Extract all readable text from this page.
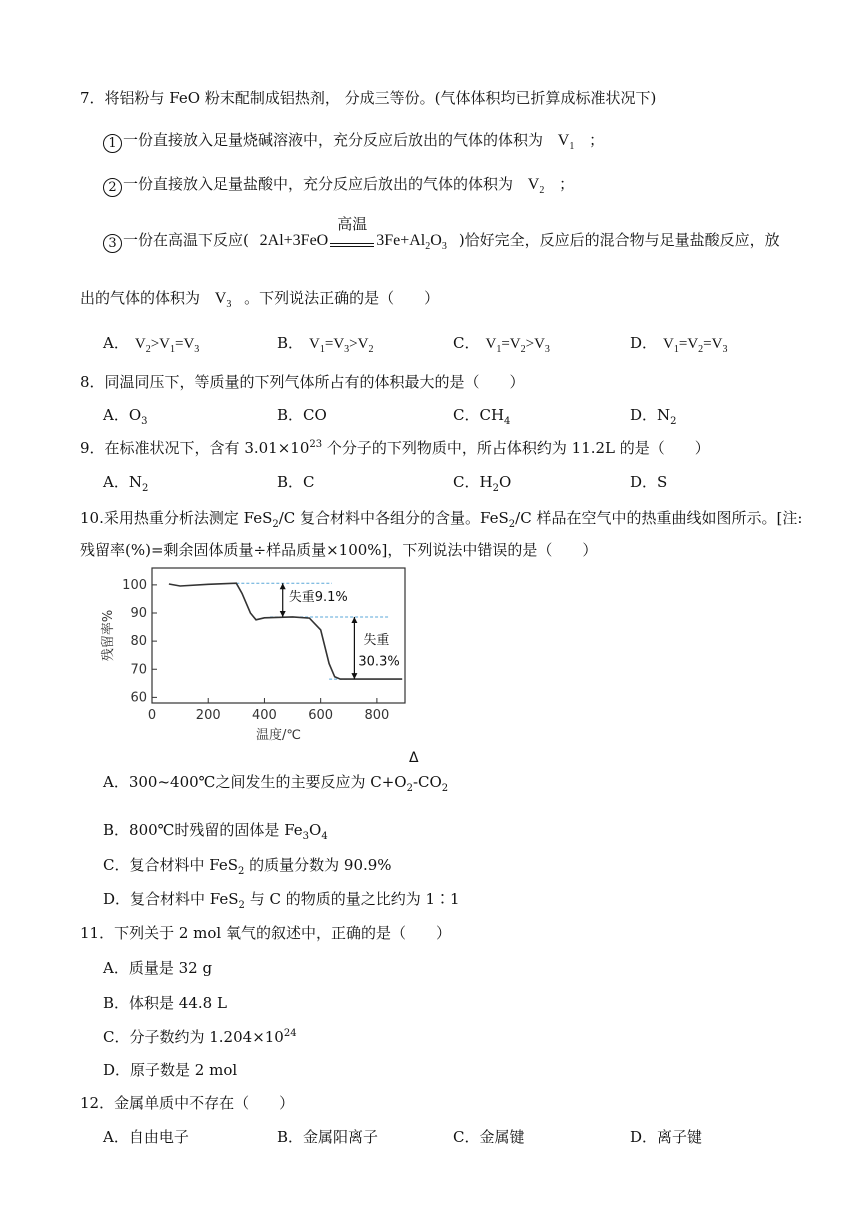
7．将铝粉与 FeO 粉末配制成铝热剂， 分成三等份。(气体体积均已折算成标准状况下)
1 一份直接放入足量烧碱溶液中，充分反应后放出的气体的体积为 $V_1$ ；
2 一份直接放入足量盐酸中，充分反应后放出的气体的体积为 $V_2$ ；
3 一份在高温下反应( 2Al+3FeO
高温
$3Fe+Al_2O_3$ )恰好完全，反应后的混合物与足量盐酸反应，放
出的气体的体积为 $V_3$ 。下列说法正确的是（　　）
A． $V_2>V_1=V_3$	B． $V_1=V_3>V_2$	C． $V_1=V_2>V_3$	D． $V_1=V_2=V_3$
8．同温同压下，等质量的下列气体所占有的体积最大的是（　　）
A．$O_3$	B．CO	C．$CH_4$	D．$N_2$
9．在标准状况下，含有 $3.01\times 10^{23}$ 个分子的下列物质中，所占体积约为 11.2L 的是（　　）
A．$N_2$	B．C	C．$H_2O$	D．S
10.采用热重分析法测定 FeS$_2$/C 复合材料中各组分的含量。FeS$_2$/C 样品在空气中的热重曲线如图所示。[注:
残留率(%)=剩余固体质量÷样品质量×100%]，下列说法中错误的是（　　）
60
70
80
90
100
0	200 400 600 800
失重9.1%
失重
30.3%
残留率%
温度/℃
A．300~400℃之间发生的主要反应为 $C+O_2$
Δ
$-CO_2$
B．800℃时残留的固体是 $Fe_3O_4$
C．复合材料中 FeS$_2$ 的质量分数为 90.9%
D．复合材料中 FeS$_2$ 与 C 的物质的量之比约为 1∶1
11．下列关于 2 mol 氧气的叙述中，正确的是（　　）
A．质量是 32 g
B．体积是 44.8 L
C．分子数约为 $1.204\times 10^{24}$
D．原子数是 2 mol
12．金属单质中不存在（　　）
A．自由电子	B．金属阳离子	C．金属键	D．离子键
